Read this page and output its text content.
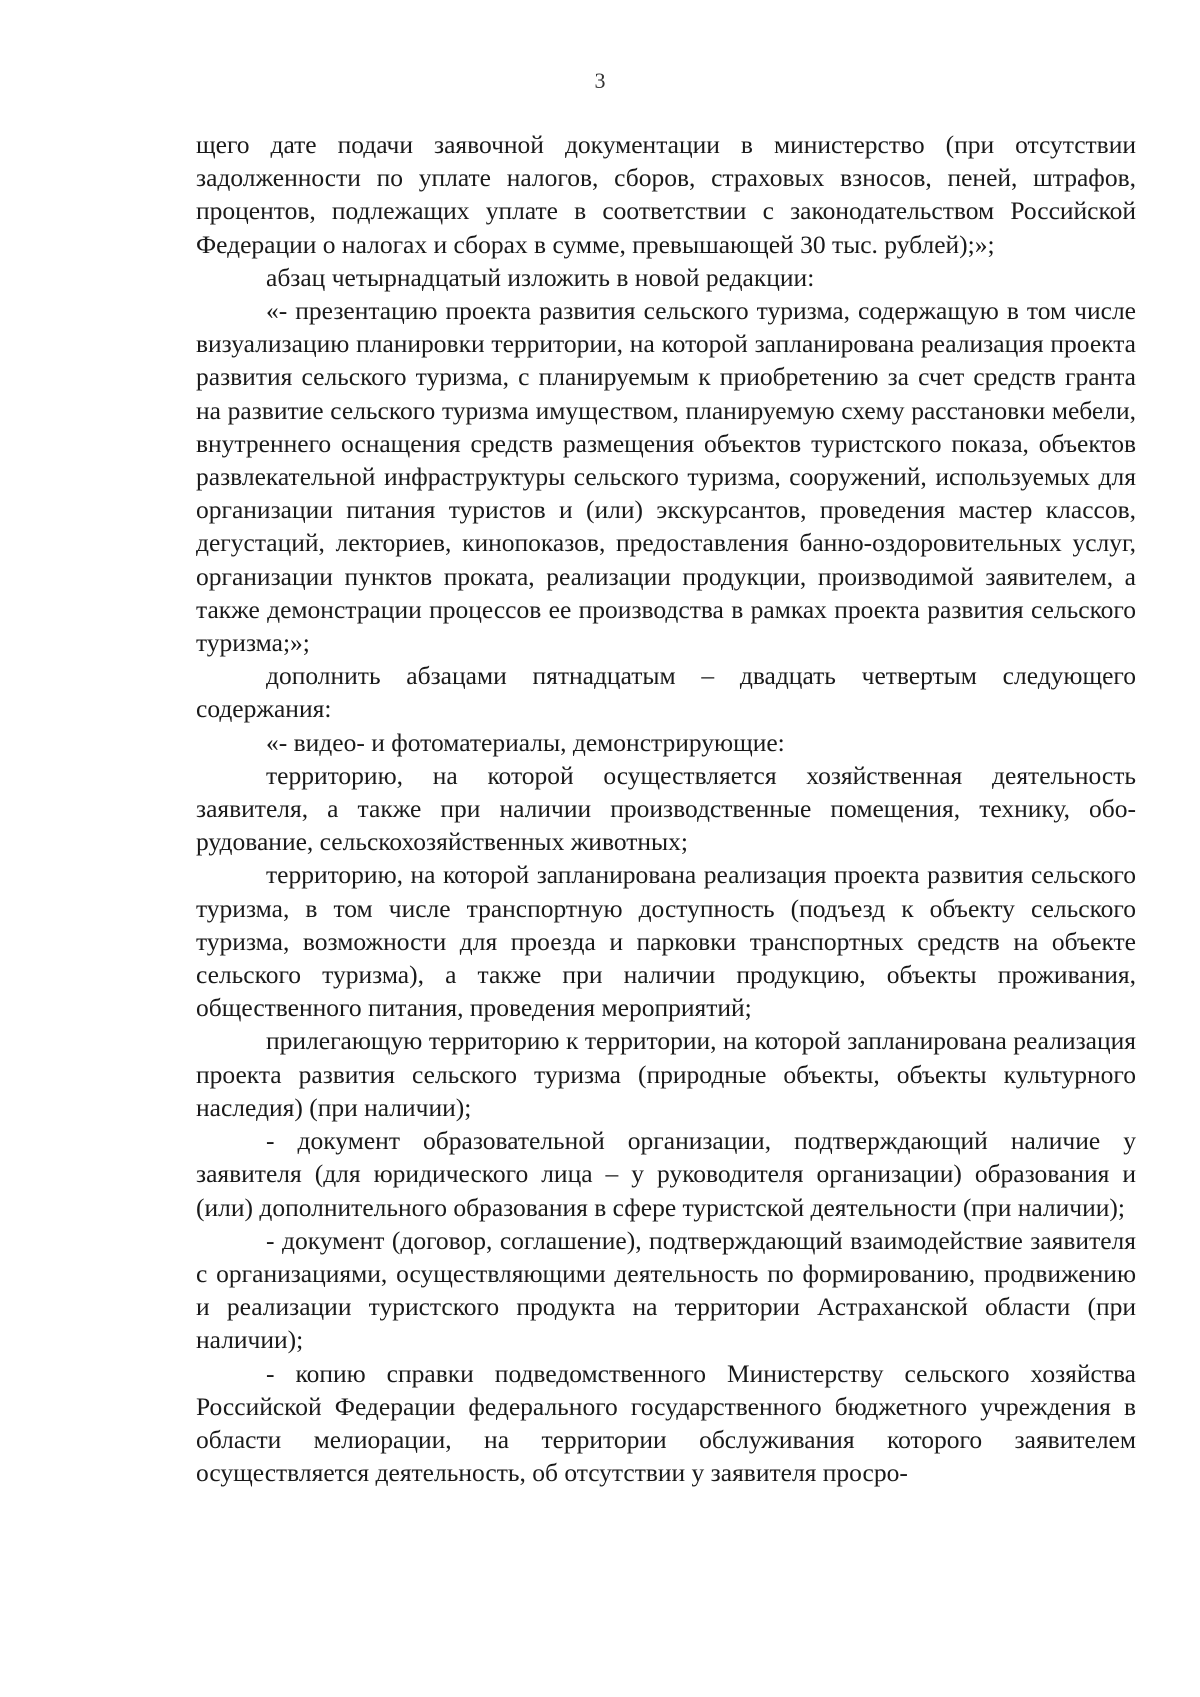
3

щего дате подачи заявочной документации в министерство (при отсутствии задолженности по уплате налогов, сборов, страховых взносов, пеней, штрафов, процентов, подлежащих уплате в соответствии с законодательством Российской Федерации о налогах и сборах в сумме, превышающей 30 тыс. рублей);»;

абзац четырнадцатый изложить в новой редакции:

«- презентацию проекта развития сельского туризма, содержащую в том числе визуализацию планировки территории, на которой запланирована реализация проекта развития сельского туризма, с планируемым к приобретению за счет средств гранта на развитие сельского туризма имуществом, планируемую схему расстановки мебели, внутреннего оснащения средств размещения объектов туристского показа, объектов развлекательной инфраструктуры сельского туризма, сооружений, используемых для организации питания туристов и (или) экскурсантов, проведения мастер классов, дегустаций, лекториев, кинопоказов, предоставления банно-оздоровительных услуг, организации пунктов проката, реализации продукции, производимой заявителем, а также демонстрации процессов ее производства в рамках проекта развития сельского туризма;»;

дополнить абзацами пятнадцатым – двадцать четвертым следующего содержания:

«- видео- и фотоматериалы, демонстрирующие:

территорию, на которой осуществляется хозяйственная деятельность заявителя, а также при наличии производственные помещения, технику, оборудование, сельскохозяйственных животных;

территорию, на которой запланирована реализация проекта развития сельского туризма, в том числе транспортную доступность (подъезд к объекту сельского туризма, возможности для проезда и парковки транспортных средств на объекте сельского туризма), а также при наличии продукцию, объекты проживания, общественного питания, проведения мероприятий;

прилегающую территорию к территории, на которой запланирована реализация проекта развития сельского туризма (природные объекты, объекты культурного наследия) (при наличии);

- документ образовательной организации, подтверждающий наличие у заявителя (для юридического лица – у руководителя организации) образования и (или) дополнительного образования в сфере туристской деятельности (при наличии);

- документ (договор, соглашение), подтверждающий взаимодействие заявителя с организациями, осуществляющими деятельность по формированию, продвижению и реализации туристского продукта на территории Астраханской области (при наличии);

- копию справки подведомственного Министерству сельского хозяйства Российской Федерации федерального государственного бюджетного учреждения в области мелиорации, на территории обслуживания которого заявителем осуществляется деятельность, об отсутствии у заявителя просро-
